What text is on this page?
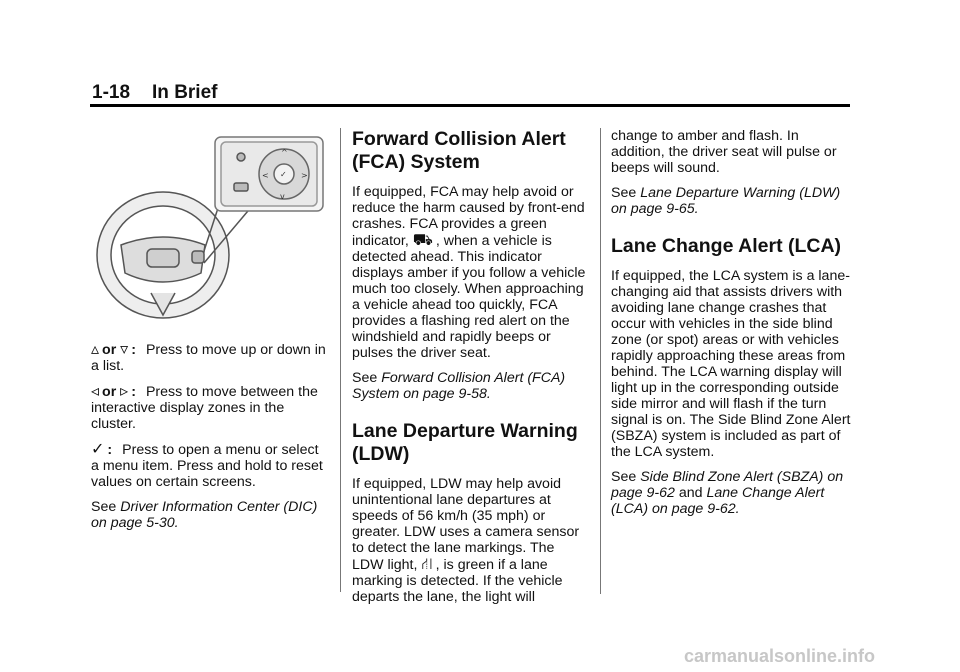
1-18 In Brief
^
v
<	>
✓

▵ or ▿ : Press to move up or down in a list.

◃ or ▹ : Press to move between the interactive display zones in the cluster.

✓ : Press to open a menu or select a menu item. Press and hold to reset values on certain screens.

See Driver Information Center (DIC) on page 5-30.

Forward Collision Alert (FCA) System

If equipped, FCA may help avoid or reduce the harm caused by front-end crashes. FCA provides a green indicator, ⛟ , when a vehicle is detected ahead. This indicator displays amber if you follow a vehicle much too closely. When approaching a vehicle ahead too quickly, FCA provides a flashing red alert on the windshield and rapidly beeps or pulses the driver seat.

See Forward Collision Alert (FCA) System on page 9-58.

Lane Departure Warning (LDW)

If equipped, LDW may help avoid unintentional lane departures at speeds of 56 km/h (35 mph) or greater. LDW uses a camera sensor to detect the lane markings. The LDW light, ⛙ , is green if a lane marking is detected. If the vehicle departs the lane, the light will

change to amber and flash. In addition, the driver seat will pulse or beeps will sound.

See Lane Departure Warning (LDW) on page 9-65.

Lane Change Alert (LCA)

If equipped, the LCA system is a lane-changing aid that assists drivers with avoiding lane change crashes that occur with vehicles in the side blind zone (or spot) areas or with vehicles rapidly approaching these areas from behind. The LCA warning display will light up in the corresponding outside side mirror and will flash if the turn signal is on. The Side Blind Zone Alert (SBZA) system is included as part of the LCA system.

See Side Blind Zone Alert (SBZA) on page 9-62 and Lane Change Alert (LCA) on page 9-62.

carmanualsonline.info
